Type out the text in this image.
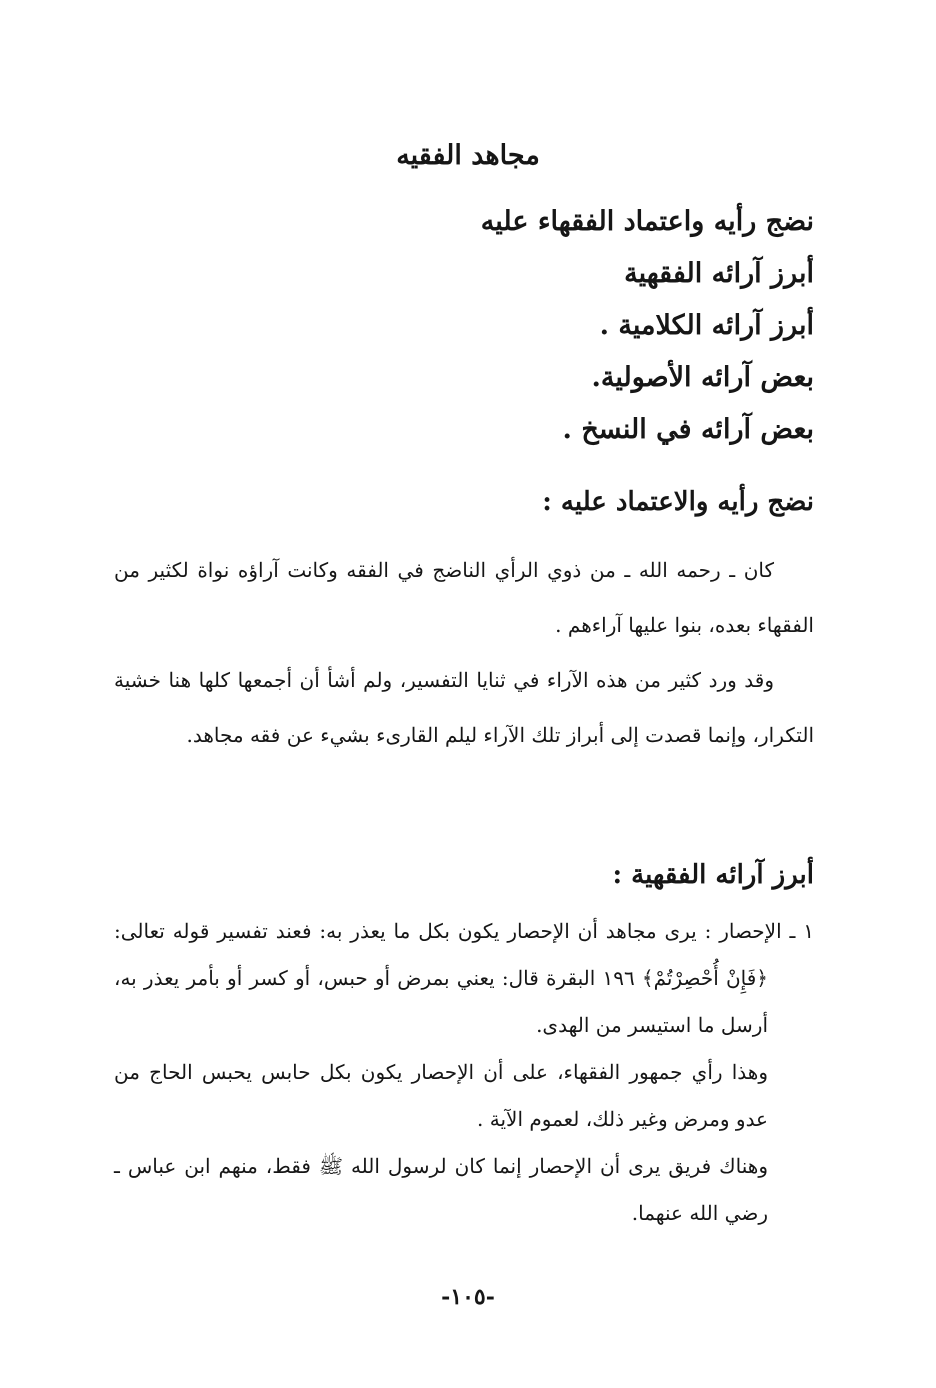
مجاهد الفقيه
نضج رأيه واعتماد الفقهاء عليه
أبرز آرائه الفقهية
أبرز آرائه الكلامية .
بعض آرائه الأصولية.
بعض آرائه في النسخ .
نضج رأيه والاعتماد عليه :

كان ـ رحمه الله ـ من ذوي الرأي الناضج في الفقه وكانت آراؤه نواة لكثير من الفقهاء بعده، بنوا عليها آراءهم .

وقد ورد كثير من هذه الآراء في ثنايا التفسير، ولم أشأ أن أجمعها كلها هنا خشية التكرار، وإنما قصدت إلى أبراز تلك الآراء ليلم القارىء بشيء عن فقه مجاهد.

أبرز آرائه الفقهية :

١ ـ الإحصار : يرى مجاهد أن الإحصار يكون بكل ما يعذر به: فعند تفسير قوله تعالى: ﴿فَإِنْ أُحْصِرْتُمْ﴾ ١٩٦ البقرة قال: يعني بمرض أو حبس، أو كسر أو بأمر يعذر به، أرسل ما استيسر من الهدى.

وهذا رأي جمهور الفقهاء، على أن الإحصار يكون بكل حابس يحبس الحاج من عدو ومرض وغير ذلك، لعموم الآية .

وهناك فريق يرى أن الإحصار إنما كان لرسول الله ﷺ فقط، منهم ابن عباس ـ رضي الله عنهما.

-١٠٥-
